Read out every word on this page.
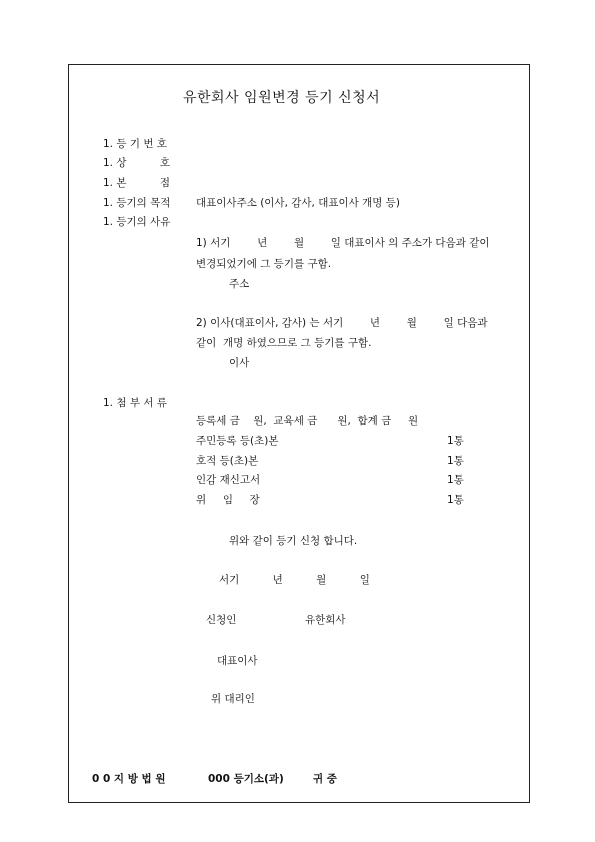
유한회사 임원변경 등기 신청서
1. 등 기 번 호
1. 상          호
1. 본          점
1. 등기의 목적 대표이사주소 (이사, 감사, 대표이사 개명 등)
1. 등기의 사유
1) 서기        년        월        일 대표이사 의 주소가 다음과 같이
변경되었기에 그 등기를 구함.
주소
2) 이사(대표이사, 감사) 는 서기        년        월        일 다음과
같이  개명 하였으므로 그 등기를 구함.
이사
1. 첨 부 서 류
등록세 금    원,  교육세 금      원,  합계 금     원
주민등록 등(초)본	1통
호적 등(초)본	1통
인감 재신고서	1통
위     임     장	1통
위와 같이 등기 신청 합니다.
서기          년          월          일
신청인	유한회사
대표이사
위 대리인
0 0 지 방 법 원	000 등기소(과)	귀 중
